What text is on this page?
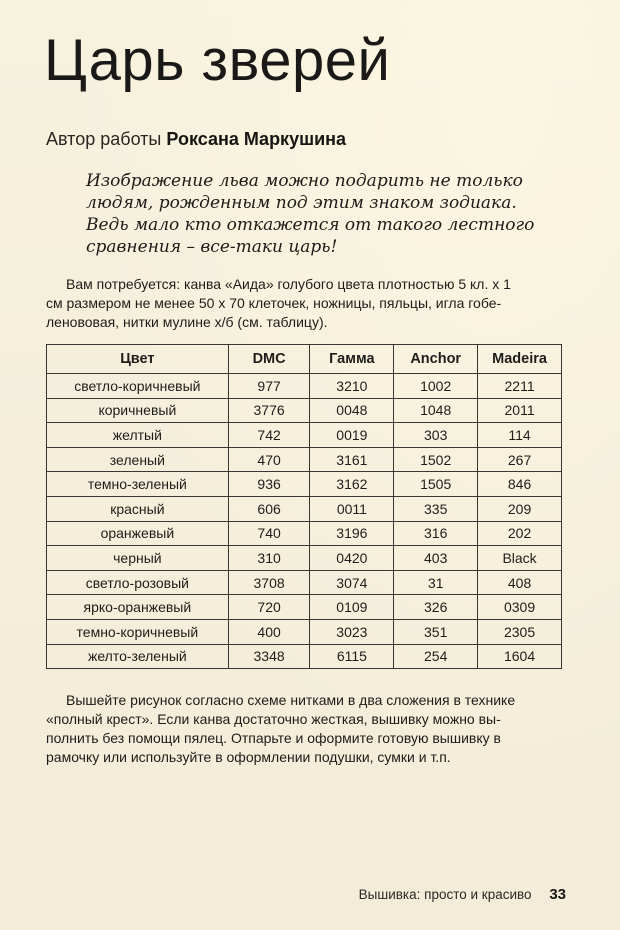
Царь зверей
Автор работы Роксана Маркушина

Изображение льва можно подарить не только
людям, рожденным под этим знаком зодиака.
Ведь мало кто откажется от такого лестного
сравнения – все-таки царь!

Вам потребуется: канва «Аида» голубого цвета плотностью 5 кл. x 1
см размером не менее 50 x 70 клеточек, ножницы, пяльцы, игла гобе-
ленововая, нитки мулине х/б (см. таблицу).
Цвет	DMC	Гамма	Anchor	Madeira
светло-коричневый	977	3210	1002	2211
коричневый	3776	0048	1048	2011
желтый	742	0019	303	114
зеленый	470	3161	1502	267
темно-зеленый	936	3162	1505	846
красный	606	0011	335	209
оранжевый	740	3196	316	202
черный	310	0420	403	Black
светло-розовый	3708	3074	31	408
ярко-оранжевый	720	0109	326	0309
темно-коричневый	400	3023	351	2305
желто-зеленый	3348	6115	254	1604
Вышейте рисунок согласно схеме нитками в два сложения в технике
«полный крест». Если канва достаточно жесткая, вышивку можно вы-
полнить без помощи пялец. Отпарьте и оформите готовую вышивку в
рамочку или используйте в оформлении подушки, сумки и т.п.
Вышивка: просто и красиво 33
